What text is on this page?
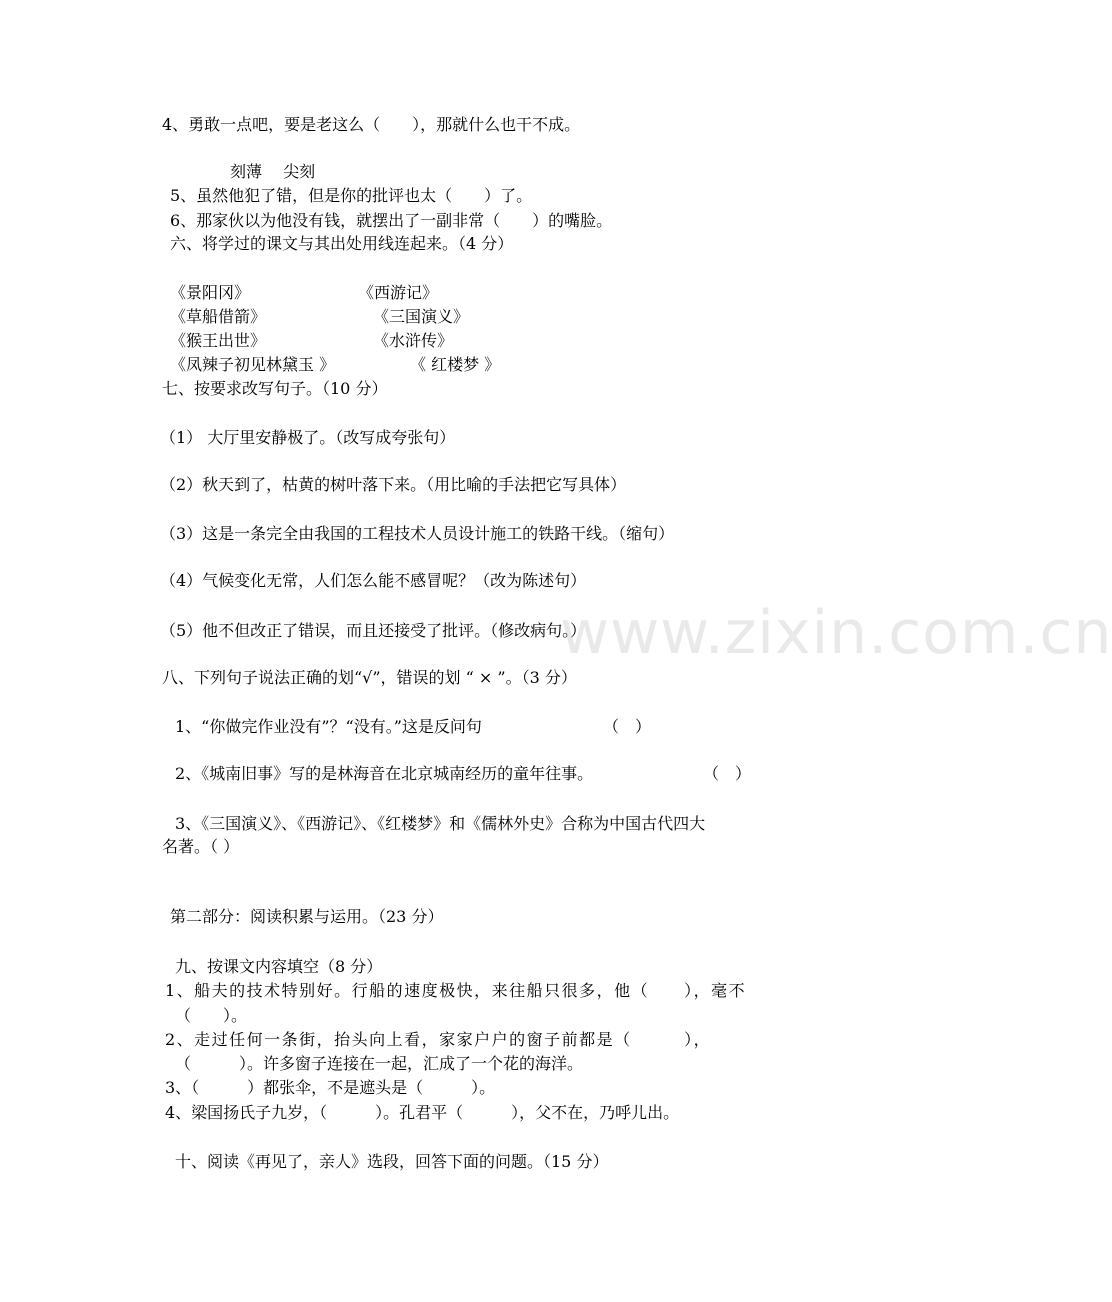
www.zixin.com.cn
4、勇敢一点吧，要是老这么（　　），那就什么也干不成。
刻薄　 尖刻
5、虽然他犯了错，但是你的批评也太（　　）了。
6、那家伙以为他没有钱，就摆出了一副非常（　　）的嘴脸。
六、将学过的课文与其出处用线连起来。（4 分）
《景阳冈》	《西游记》
《草船借箭》	《三国演义》
《猴王出世》	《水浒传》
《凤辣子初见林黛玉 》	《 红楼梦 》
七、按要求改写句子。（10 分）
（1） 大厅里安静极了。（改写成夸张句）
（2）秋天到了，枯黄的树叶落下来。（用比喻的手法把它写具体）
（3）这是一条完全由我国的工程技术人员设计施工的铁路干线。（缩句）
（4）气候变化无常，人们怎么能不感冒呢？（改为陈述句）
（5）他不但改正了错误，而且还接受了批评。（修改病句。）
八、下列句子说法正确的划“√”，错误的划 “ × ”。（3 分）
1、“你做完作业没有”？“没有。”这是反问句	（　）
2、《城南旧事》写的是林海音在北京城南经历的童年往事。	（　）
3、《三国演义》、《西游记》、《红楼梦》和《儒林外史》合称为中国古代四大
名著。（ ）
第二部分：阅读积累与运用。（23 分）
九、按课文内容填空（8 分）
1、船夫的技术特别好。行船的速度极快，来往船只很多，他（　　），毫不
（　　）。
2、走过任何一条街，抬头向上看，家家户户的窗子前都是（　　　），
（　　　）。许多窗子连接在一起，汇成了一个花的海洋。
3、（　　　）都张伞，不是遮头是（　　　）。
4、梁国扬氏子九岁，（　　　）。孔君平（　　　），父不在，乃呼儿出。
十、阅读《再见了，亲人》选段，回答下面的问题。（15 分）
